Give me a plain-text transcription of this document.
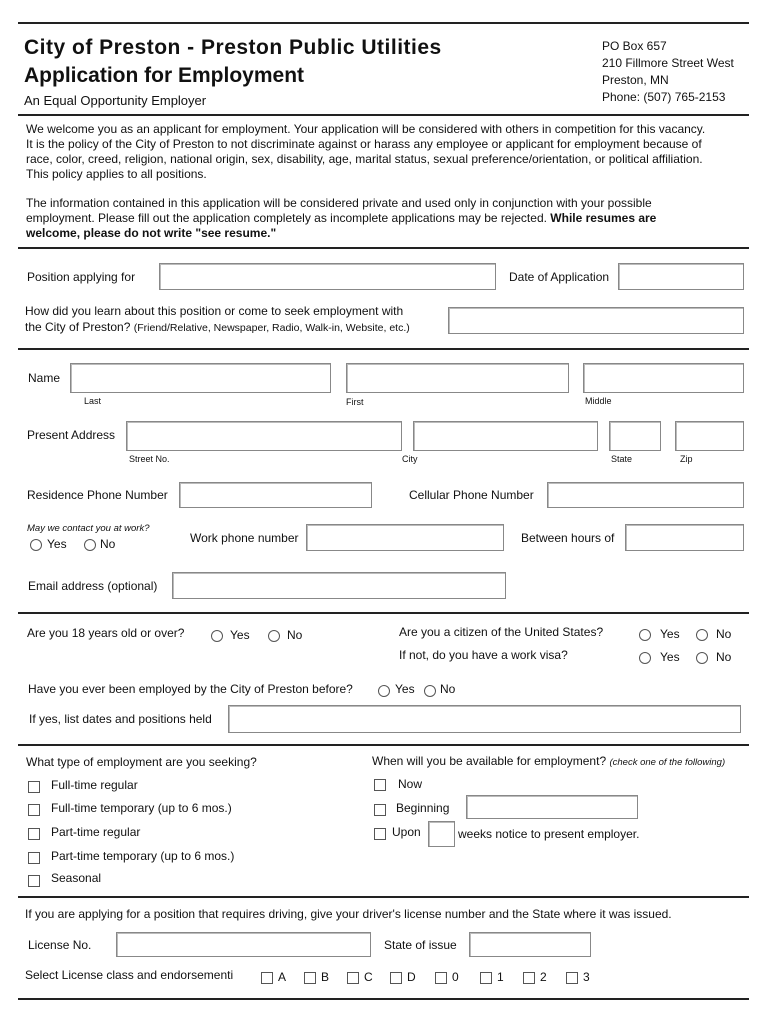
City of Preston - Preston Public Utilities
Application for Employment
An Equal Opportunity Employer
PO Box 657
210 Fillmore Street West
Preston, MN
Phone: (507) 765-2153
We welcome you as an applicant for employment. Your application will be considered with others in competition for this vacancy.
It is the policy of the City of Preston to not discriminate against or harass any employee or applicant for employment because of
race, color, creed, religion, national origin, sex, disability, age, marital status, sexual preference/orientation, or political affiliation.
This policy applies to all positions.
The information contained in this application will be considered private and used only in conjunction with your possible
employment. Please fill out the application completely as incomplete applications may be rejected. While resumes are
welcome, please do not write "see resume."
Position applying for	Date of Application
How did you learn about this position or come to seek employment with
the City of Preston? (Friend/Relative, Newspaper, Radio, Walk-in, Website, etc.)
Name
Last	First	Middle
Present Address
Street No.	City	State	Zip
Residence Phone Number	Cellular Phone Number
May we contact you at work?
Yes	No	Work phone number	Between hours of
Email address (optional)
Are you 18 years old or over?	Yes	No	Are you a citizen of the United States?	Yes	No
If not, do you have a work visa?	Yes	No
Have you ever been employed by the City of Preston before?	Yes No
If yes, list dates and positions held
What type of employment are you seeking?
Full-time regular
Full-time temporary (up to 6 mos.)
Part-time regular
Part-time temporary (up to 6 mos.)
Seasonal
When will you be available for employment? (check one of the following)
Now
Beginning
Upon	weeks notice to present employer.
If you are applying for a position that requires driving, give your driver's license number and the State where it was issued.
License No.	State of issue
Select License class and endorsementi	A	B	C	D	0	1	2	3
